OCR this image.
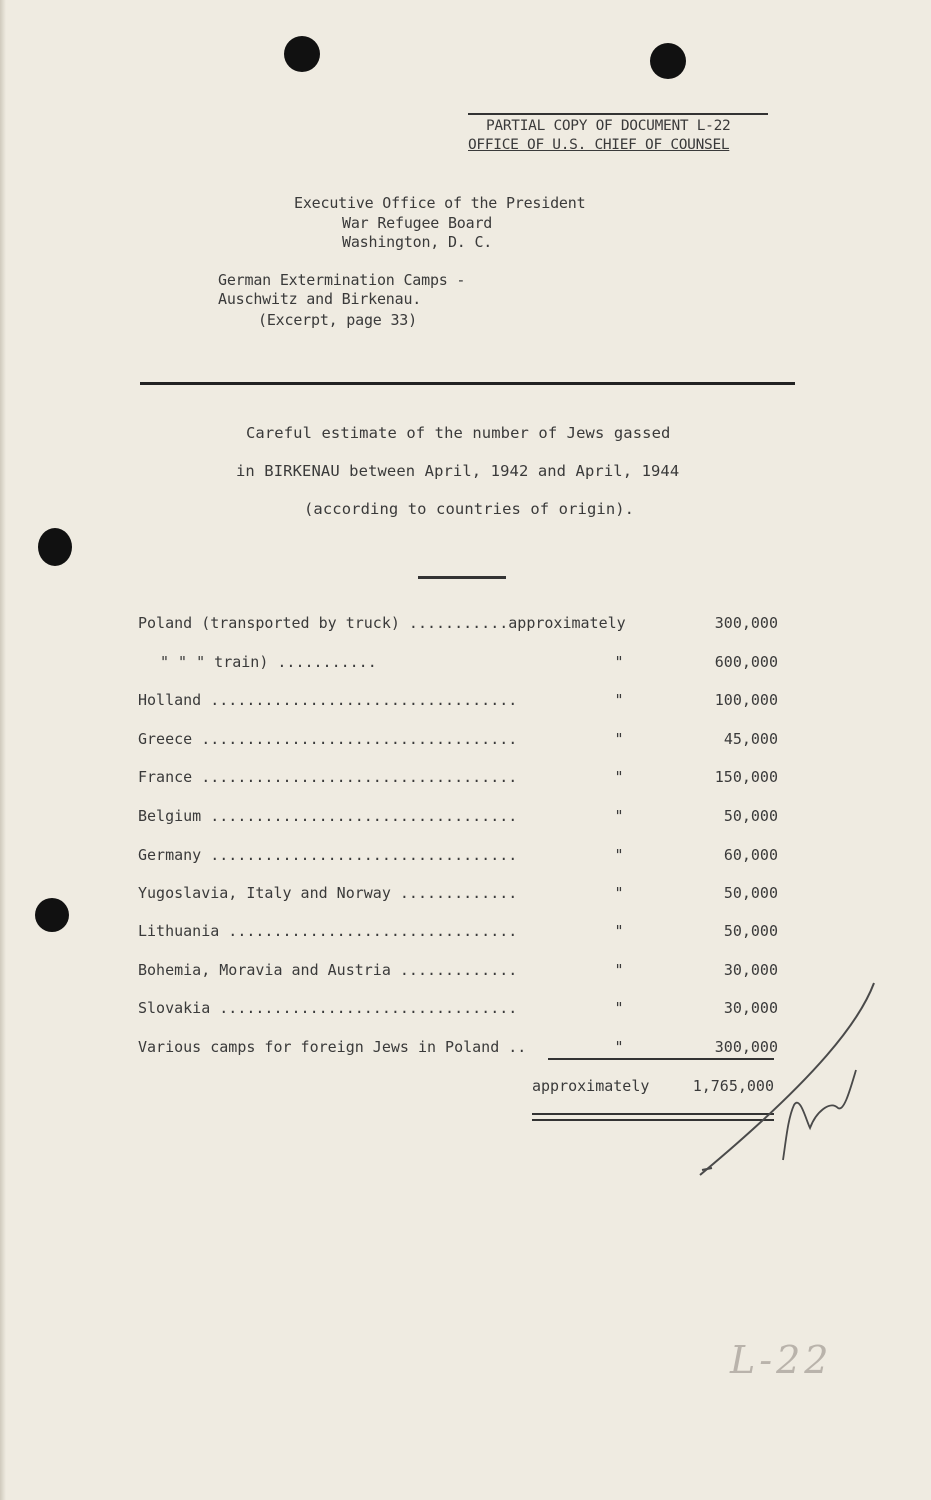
PARTIAL COPY OF DOCUMENT L-22
OFFICE OF U.S. CHIEF OF COUNSEL
Executive Office of the President
War Refugee Board
Washington, D. C.
German Extermination Camps -
Auschwitz and Birkenau.
(Excerpt, page 33)
Careful estimate of the number of Jews gassed
in BIRKENAU between April, 1942 and April, 1944
(according to countries of origin).
Poland (transported by truck) ...........approximately	300,000
" " " train) ...........	"	600,000
Holland ..................................	"	100,000
Greece ...................................	"	45,000
France ...................................	"	150,000
Belgium ..................................	"	50,000
Germany ..................................	"	60,000
Yugoslavia, Italy and Norway .............	"	50,000
Lithuania ................................	"	50,000
Bohemia, Moravia and Austria .............	"	30,000
Slovakia .................................	"	30,000
Various camps for foreign Jews in Poland ..	"	300,000
approximately	1,765,000
L-22
